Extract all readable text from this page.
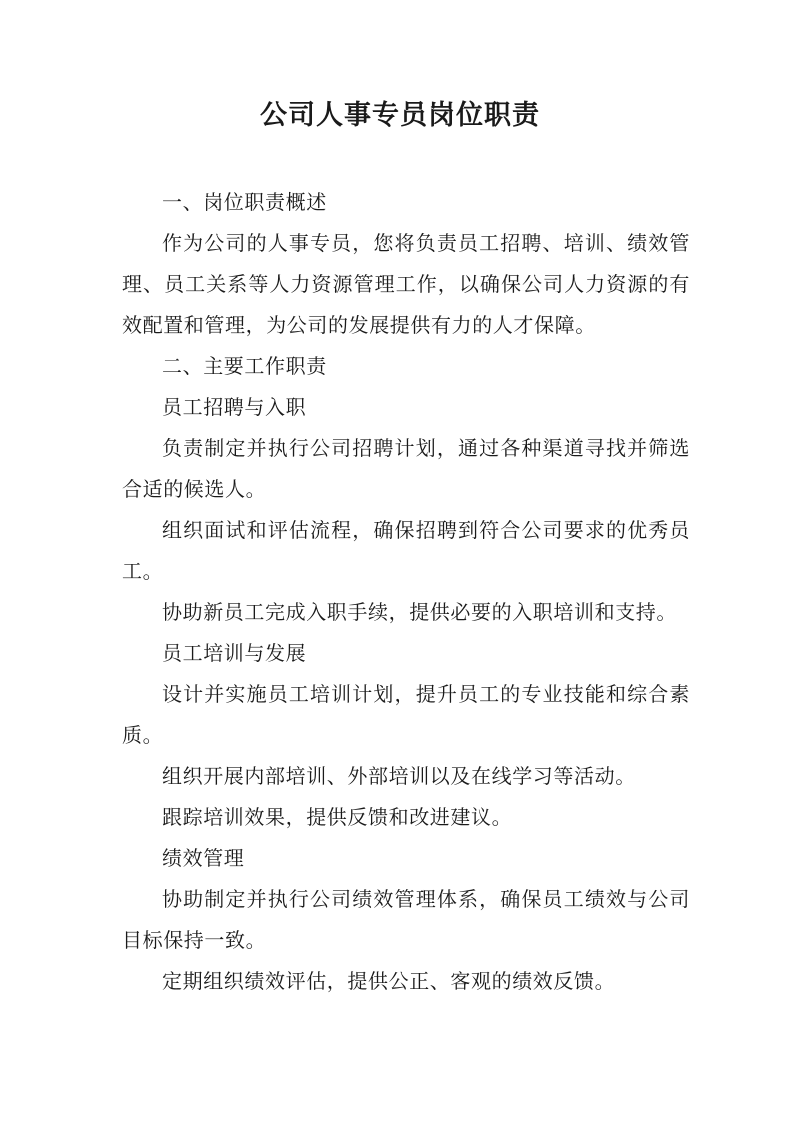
公司人事专员岗位职责

一、岗位职责概述

作为公司的人事专员，您将负责员工招聘、培训、绩效管理、员工关系等人力资源管理工作，以确保公司人力资源的有效配置和管理，为公司的发展提供有力的人才保障。

二、主要工作职责

员工招聘与入职

负责制定并执行公司招聘计划，通过各种渠道寻找并筛选合适的候选人。

组织面试和评估流程，确保招聘到符合公司要求的优秀员工。

协助新员工完成入职手续，提供必要的入职培训和支持。

员工培训与发展

设计并实施员工培训计划，提升员工的专业技能和综合素质。

组织开展内部培训、外部培训以及在线学习等活动。

跟踪培训效果，提供反馈和改进建议。

绩效管理

协助制定并执行公司绩效管理体系，确保员工绩效与公司目标保持一致。

定期组织绩效评估，提供公正、客观的绩效反馈。
